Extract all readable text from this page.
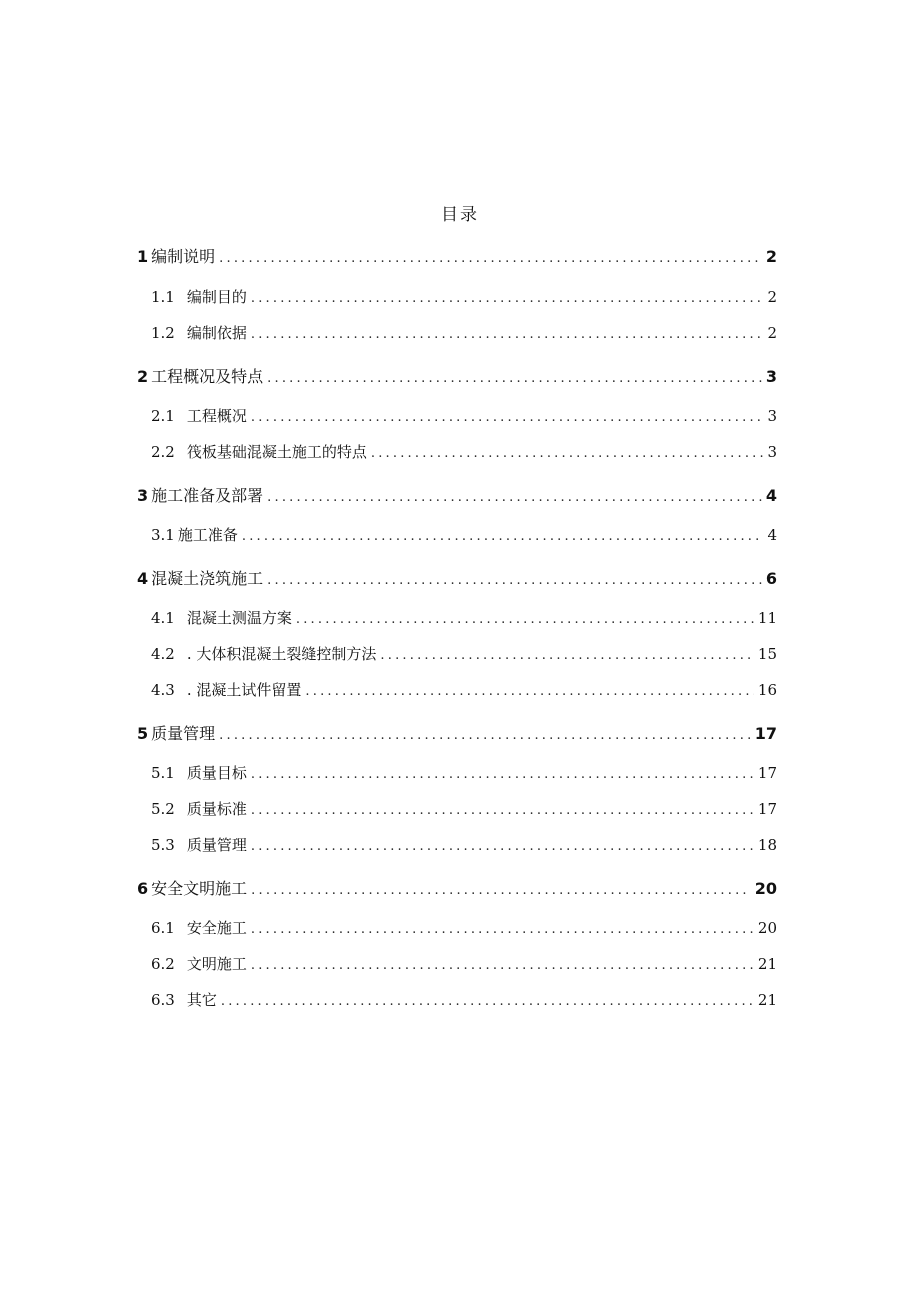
目录
1 编制说明 .....	2
1.1 编制目的 .....	2
1.2 编制依据 .....	2
2 工程概况及特点 .....	3
2.1 工程概况 .....	3
2.2 筏板基础混凝土施工的特点 .....	3
3 施工准备及部署 .....	4
3.1 施工准备 .....	4
4 混凝土浇筑施工 .....	6
4.1 混凝土测温方案 .....	11
4.2 . 大体积混凝土裂缝控制方法 .....	15
4.3 . 混凝土试件留置 .....	16
5 质量管理 .....	17
5.1 质量目标 .....	17
5.2 质量标准 .....	17
5.3 质量管理 .....	18
6 安全文明施工 .....	20
6.1 安全施工 .....	20
6.2 文明施工 .....	21
6.3 其它 .....	21
